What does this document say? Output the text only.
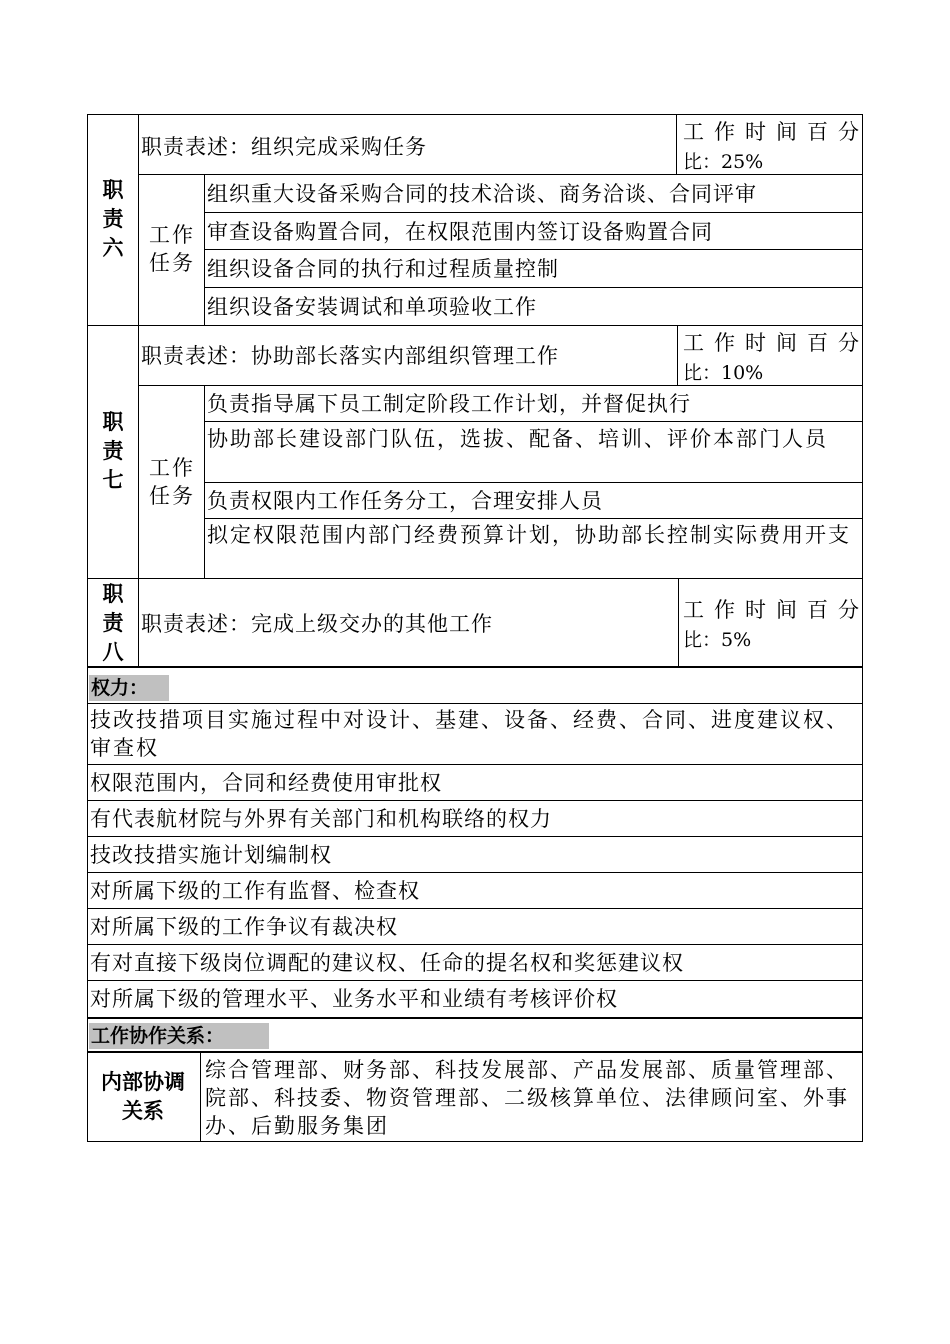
职责六
职责表述：组织完成采购任务
工作时间百分
比：25%
工作任务
组织重大设备采购合同的技术洽谈、商务洽谈、合同评审
审查设备购置合同，在权限范围内签订设备购置合同
组织设备合同的执行和过程质量控制
组织设备安装调试和单项验收工作
职责七
职责表述：协助部长落实内部组织管理工作
工作时间百分
比：10%
工作任务
负责指导属下员工制定阶段工作计划，并督促执行
协助部长建设部门队伍，选拔、配备、培训、评价本部门人员
负责权限内工作任务分工，合理安排人员
拟定权限范围内部门经费预算计划，协助部长控制实际费用开支
职责八
职责表述：完成上级交办的其他工作
工作时间百分
比：5%
权力：
技改技措项目实施过程中对设计、基建、设备、经费、合同、进度建议权、审查权
权限范围内，合同和经费使用审批权
有代表航材院与外界有关部门和机构联络的权力
技改技措实施计划编制权
对所属下级的工作有监督、检查权
对所属下级的工作争议有裁决权
有对直接下级岗位调配的建议权、任命的提名权和奖惩建议权
对所属下级的管理水平、业务水平和业绩有考核评价权
工作协作关系：
内部协调关系
综合管理部、财务部、科技发展部、产品发展部、质量管理部、院部、科技委、物资管理部、二级核算单位、法律顾问室、外事办、后勤服务集团
